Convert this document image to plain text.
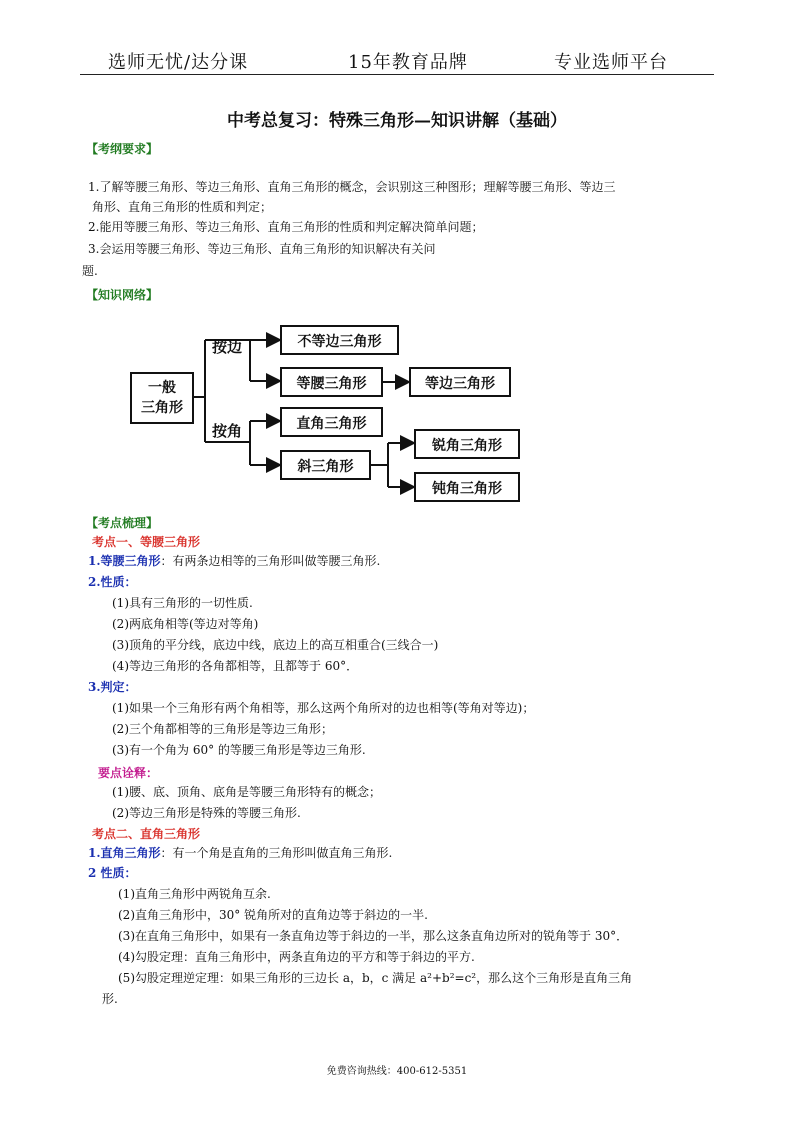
选师无忧/达分课	15年教育品牌	专业选师平台
中考总复习：特殊三角形—知识讲解（基础）
【考纲要求】
1.了解等腰三角形、等边三角形、直角三角形的概念，会识别这三种图形；理解等腰三角形、等边三
角形、直角三角形的性质和判定；
2.能用等腰三角形、等边三角形、直角三角形的性质和判定解决简单问题；
3.会运用等腰三角形、等边三角形、直角三角形的知识解决有关问
题.
【知识网络】
一般
三角形
按边
按角
不等边三角形
等腰三角形	等边三角形
直角三角形
斜三角形
锐角三角形
钝角三角形
【考点梳理】
考点一、等腰三角形
1.等腰三角形：有两条边相等的三角形叫做等腰三角形.
2.性质：
(1)具有三角形的一切性质.
(2)两底角相等(等边对等角)
(3)顶角的平分线，底边中线，底边上的高互相重合(三线合一)
(4)等边三角形的各角都相等，且都等于 60°．
3.判定：
(1)如果一个三角形有两个角相等，那么这两个角所对的边也相等(等角对等边)；
(2)三个角都相等的三角形是等边三角形；
(3)有一个角为 60° 的等腰三角形是等边三角形.
要点诠释：
(1)腰、底、顶角、底角是等腰三角形特有的概念；
(2)等边三角形是特殊的等腰三角形.
考点二、直角三角形
1.直角三角形：有一个角是直角的三角形叫做直角三角形.
2 性质：
(1)直角三角形中两锐角互余.
(2)直角三角形中，30° 锐角所对的直角边等于斜边的一半.
(3)在直角三角形中，如果有一条直角边等于斜边的一半，那么这条直角边所对的锐角等于 30°．
(4)勾股定理：直角三角形中，两条直角边的平方和等于斜边的平方.
(5)勾股定理逆定理：如果三角形的三边长 a，b，c 满足 a²+b²=c²，那么这个三角形是直角三角
形.
免费咨询热线：400-612-5351
